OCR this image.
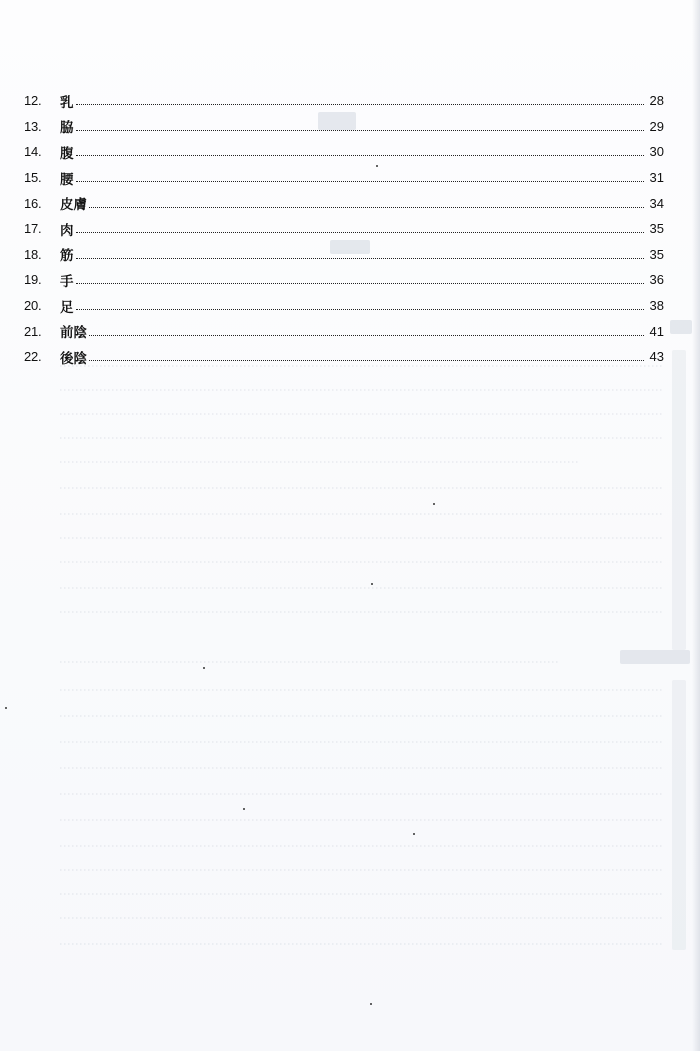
12.	乳	28
13.	脇	29
14.	腹	30
15.	腰	31
16.	皮膚	34
17.	肉	35
18.	筋	35
19.	手	36
20.	足	38
21.	前陰	41
22.	後陰	43
